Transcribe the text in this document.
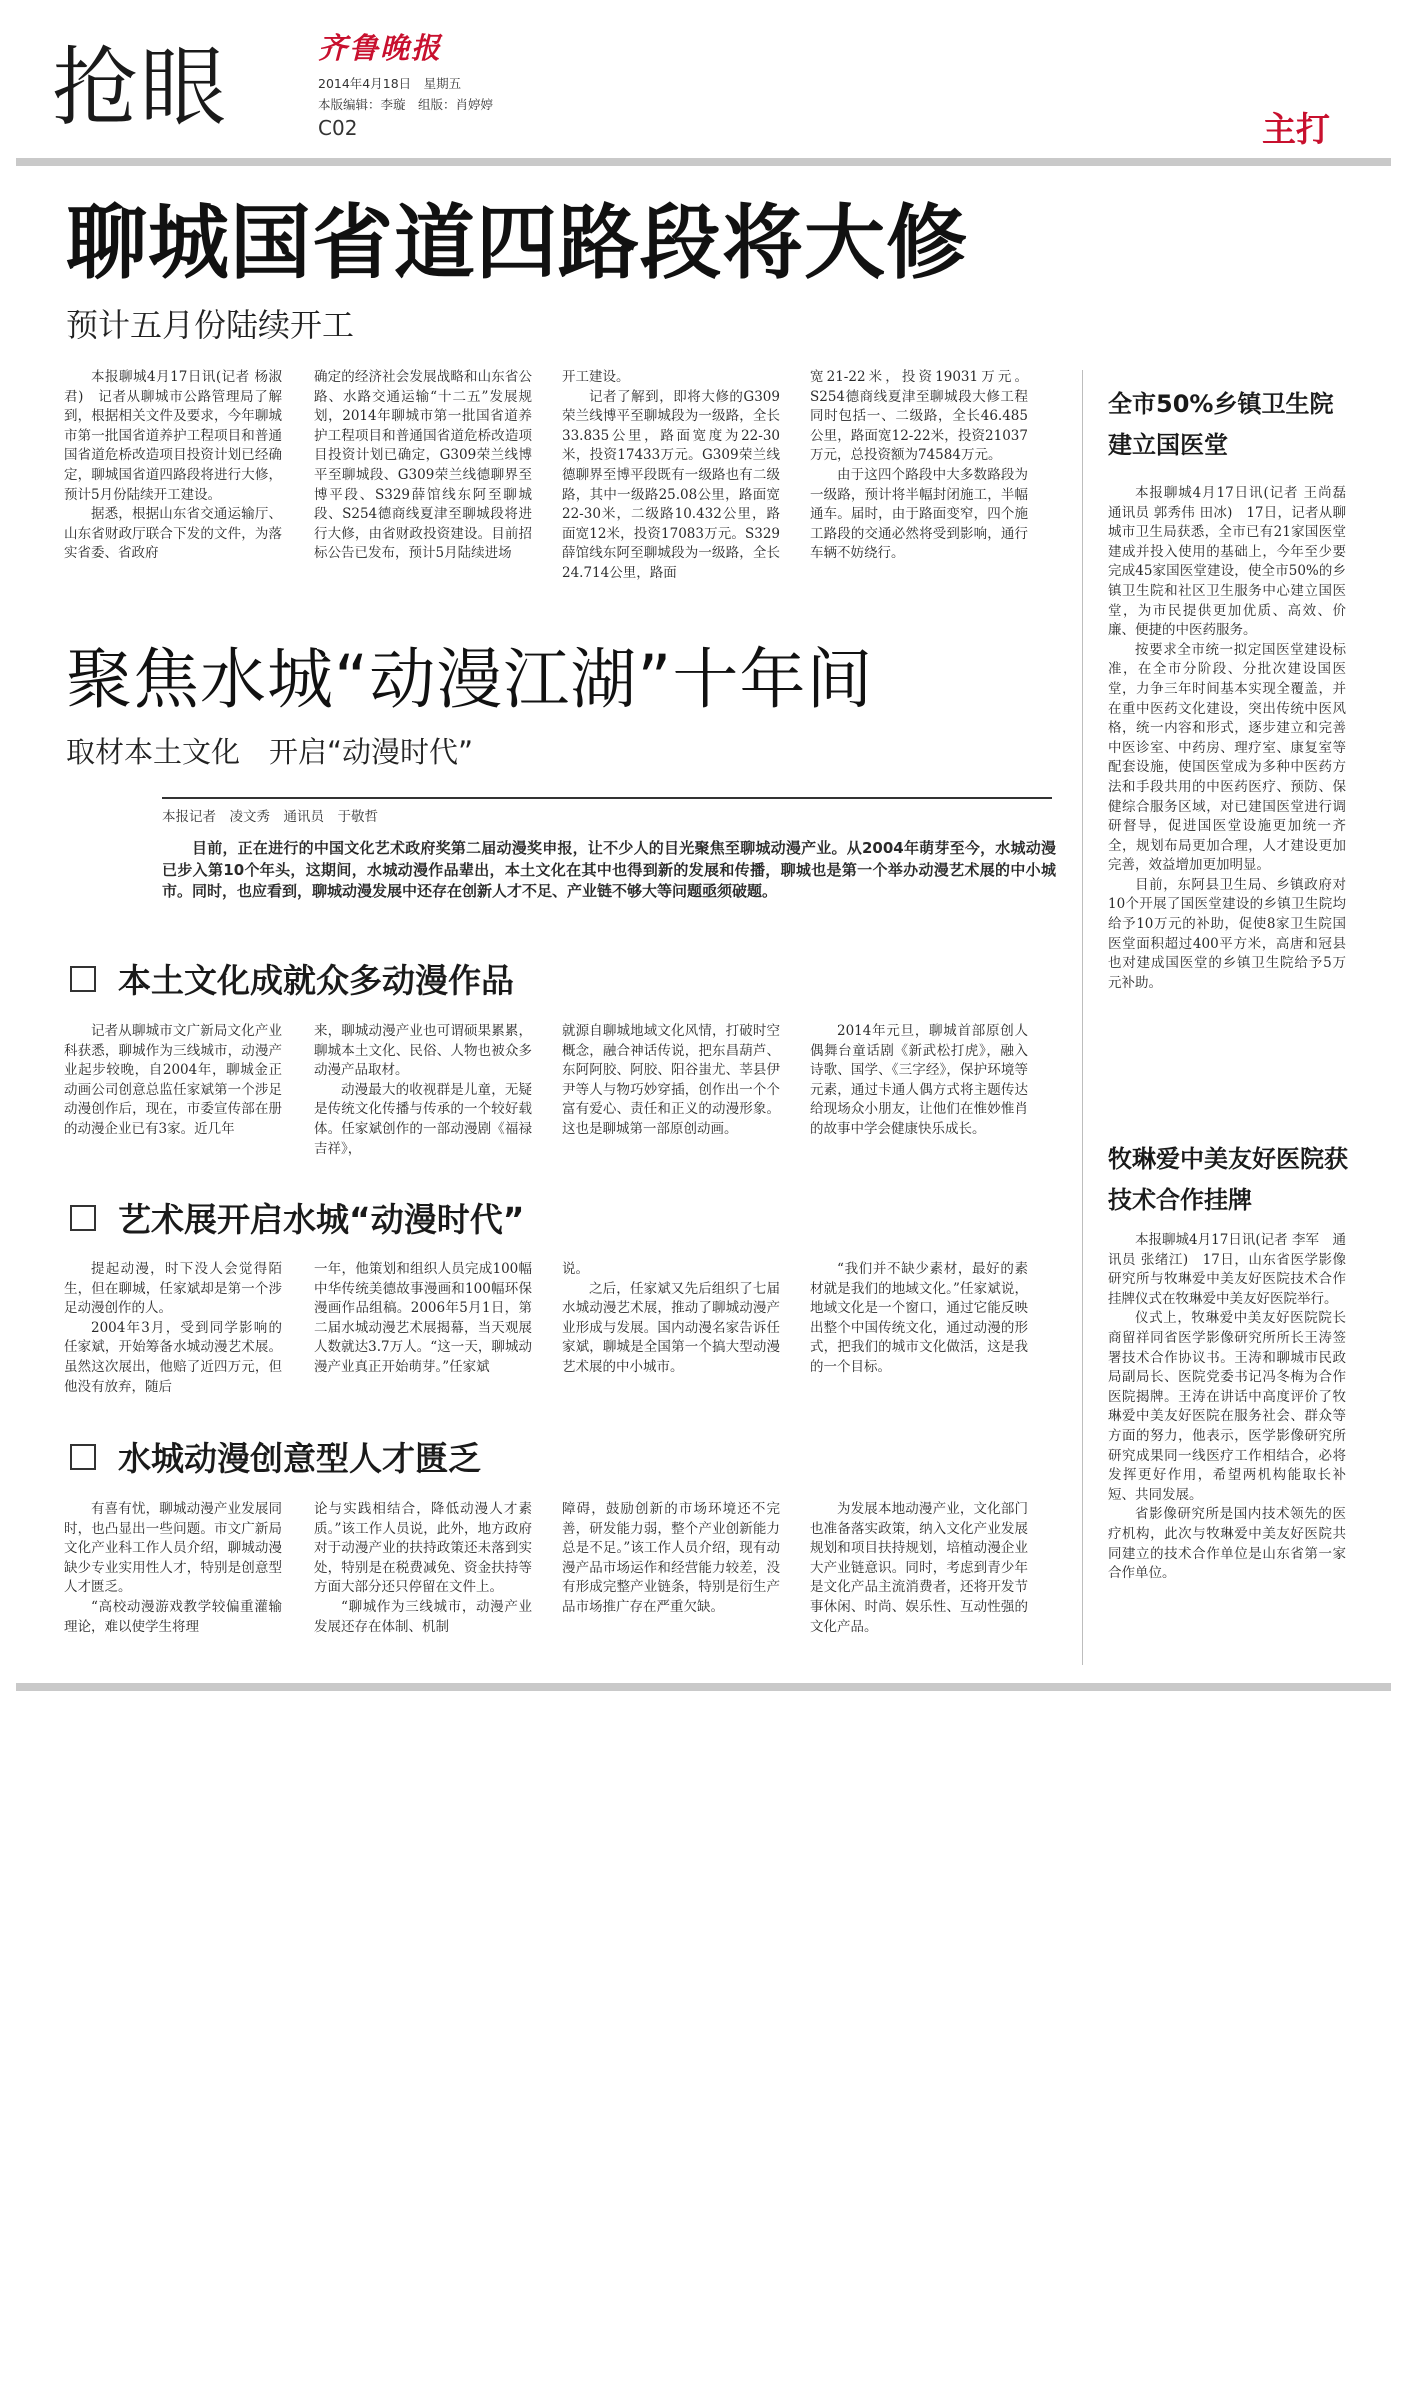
抢眼	齐鲁晚报
2014年4月18日　星期五
本版编辑：李璇　组版：肖婷婷
C02	主打
聊城国省道四路段将大修
预计五月份陆续开工

本报聊城4月17日讯(记者 杨淑君)　记者从聊城市公路管理局了解到，根据相关文件及要求，今年聊城市第一批国省道养护工程项目和普通国省道危桥改造项目投资计划已经确定，聊城国省道四路段将进行大修，预计5月份陆续开工建设。

据悉，根据山东省交通运输厅、山东省财政厅联合下发的文件，为落实省委、省政府

确定的经济社会发展战略和山东省公路、水路交通运输“十二五”发展规划，2014年聊城市第一批国省道养护工程项目和普通国省道危桥改造项目投资计划已确定，G309荣兰线博平至聊城段、G309荣兰线德聊界至博平段、S329薛馆线东阿至聊城段、S254德商线夏津至聊城段将进行大修，由省财政投资建设。目前招标公告已发布，预计5月陆续进场

开工建设。

记者了解到，即将大修的G309荣兰线博平至聊城段为一级路，全长33.835公里，路面宽度为22-30米，投资17433万元。G309荣兰线德聊界至博平段既有一级路也有二级路，其中一级路25.08公里，路面宽22-30米，二级路10.432公里，路面宽12米，投资17083万元。S329薛馆线东阿至聊城段为一级路，全长24.714公里，路面

宽21-22米，投资19031万元。S254德商线夏津至聊城段大修工程同时包括一、二级路，全长46.485公里，路面宽12-22米，投资21037万元，总投资额为74584万元。

由于这四个路段中大多数路段为一级路，预计将半幅封闭施工，半幅通车。届时，由于路面变窄，四个施工路段的交通必然将受到影响，通行车辆不妨绕行。

聚焦水城“动漫江湖”十年间
取材本土文化　开启“动漫时代”
本报记者　凌文秀　通讯员　于敬哲

目前，正在进行的中国文化艺术政府奖第二届动漫奖申报，让不少人的目光聚焦至聊城动漫产业。从2004年萌芽至今，水城动漫已步入第10个年头，这期间，水城动漫作品辈出，本土文化在其中也得到新的发展和传播，聊城也是第一个举办动漫艺术展的中小城市。同时，也应看到，聊城动漫发展中还存在创新人才不足、产业链不够大等问题亟须破题。

本土文化成就众多动漫作品

记者从聊城市文广新局文化产业科获悉，聊城作为三线城市，动漫产业起步较晚，自2004年，聊城金正动画公司创意总监任家斌第一个涉足动漫创作后，现在，市委宣传部在册的动漫企业已有3家。近几年

来，聊城动漫产业也可谓硕果累累，聊城本土文化、民俗、人物也被众多动漫产品取材。

动漫最大的收视群是儿童，无疑是传统文化传播与传承的一个较好载体。任家斌创作的一部动漫剧《福禄吉祥》，

就源自聊城地域文化风情，打破时空概念，融合神话传说，把东昌葫芦、东阿阿胶、阿胶、阳谷蚩尤、莘县伊尹等人与物巧妙穿插，创作出一个个富有爱心、责任和正义的动漫形象。这也是聊城第一部原创动画。

2014年元旦，聊城首部原创人偶舞台童话剧《新武松打虎》，融入诗歌、国学、《三字经》，保护环境等元素，通过卡通人偶方式将主题传达给现场众小朋友，让他们在惟妙惟肖的故事中学会健康快乐成长。

艺术展开启水城“动漫时代”

提起动漫，时下没人会觉得陌生，但在聊城，任家斌却是第一个涉足动漫创作的人。

2004年3月，受到同学影响的任家斌，开始筹备水城动漫艺术展。虽然这次展出，他赔了近四万元，但他没有放弃，随后

一年，他策划和组织人员完成100幅中华传统美德故事漫画和100幅环保漫画作品组稿。2006年5月1日，第二届水城动漫艺术展揭幕，当天观展人数就达3.7万人。“这一天，聊城动漫产业真正开始萌芽。”任家斌

说。

之后，任家斌又先后组织了七届水城动漫艺术展，推动了聊城动漫产业形成与发展。国内动漫名家告诉任家斌，聊城是全国第一个搞大型动漫艺术展的中小城市。

“我们并不缺少素材，最好的素材就是我们的地域文化。”任家斌说，地域文化是一个窗口，通过它能反映出整个中国传统文化，通过动漫的形式，把我们的城市文化做活，这是我的一个目标。

水城动漫创意型人才匮乏

有喜有忧，聊城动漫产业发展同时，也凸显出一些问题。市文广新局文化产业科工作人员介绍，聊城动漫缺少专业实用性人才，特别是创意型人才匮乏。

“高校动漫游戏教学较偏重灌输理论，难以使学生将理

论与实践相结合，降低动漫人才素质。”该工作人员说，此外，地方政府对于动漫产业的扶持政策还未落到实处，特别是在税费减免、资金扶持等方面大部分还只停留在文件上。

“聊城作为三线城市，动漫产业发展还存在体制、机制

障碍，鼓励创新的市场环境还不完善，研发能力弱，整个产业创新能力总是不足。”该工作人员介绍，现有动漫产品市场运作和经营能力较差，没有形成完整产业链条，特别是衍生产品市场推广存在严重欠缺。

为发展本地动漫产业，文化部门也准备落实政策，纳入文化产业发展规划和项目扶持规划，培植动漫企业大产业链意识。同时，考虑到青少年是文化产品主流消费者，还将开发节事休闲、时尚、娱乐性、互动性强的文化产品。

全市50%乡镇卫生院建立国医堂

本报聊城4月17日讯(记者 王尚磊　通讯员 郭秀伟 田冰)　17日，记者从聊城市卫生局获悉，全市已有21家国医堂建成并投入使用的基础上，今年至少要完成45家国医堂建设，使全市50%的乡镇卫生院和社区卫生服务中心建立国医堂，为市民提供更加优质、高效、价廉、便捷的中医药服务。

按要求全市统一拟定国医堂建设标准，在全市分阶段、分批次建设国医堂，力争三年时间基本实现全覆盖，并在重中医药文化建设，突出传统中医风格，统一内容和形式，逐步建立和完善中医诊室、中药房、理疗室、康复室等配套设施，使国医堂成为多种中医药方法和手段共用的中医药医疗、预防、保健综合服务区域，对已建国医堂进行调研督导，促进国医堂设施更加统一齐全，规划布局更加合理，人才建设更加完善，效益增加更加明显。

目前，东阿县卫生局、乡镇政府对10个开展了国医堂建设的乡镇卫生院均给予10万元的补助，促使8家卫生院国医堂面积超过400平方米，高唐和冠县也对建成国医堂的乡镇卫生院给予5万元补助。

牧琳爱中美友好医院获技术合作挂牌

本报聊城4月17日讯(记者 李军　通讯员 张绪江)　17日，山东省医学影像研究所与牧琳爱中美友好医院技术合作挂牌仪式在牧琳爱中美友好医院举行。

仪式上，牧琳爱中美友好医院院长商留祥同省医学影像研究所所长王涛签署技术合作协议书。王涛和聊城市民政局副局长、医院党委书记冯冬梅为合作医院揭牌。王涛在讲话中高度评价了牧琳爱中美友好医院在服务社会、群众等方面的努力，他表示，医学影像研究所研究成果同一线医疗工作相结合，必将发挥更好作用，希望两机构能取长补短、共同发展。

省影像研究所是国内技术领先的医疗机构，此次与牧琳爱中美友好医院共同建立的技术合作单位是山东省第一家合作单位。
